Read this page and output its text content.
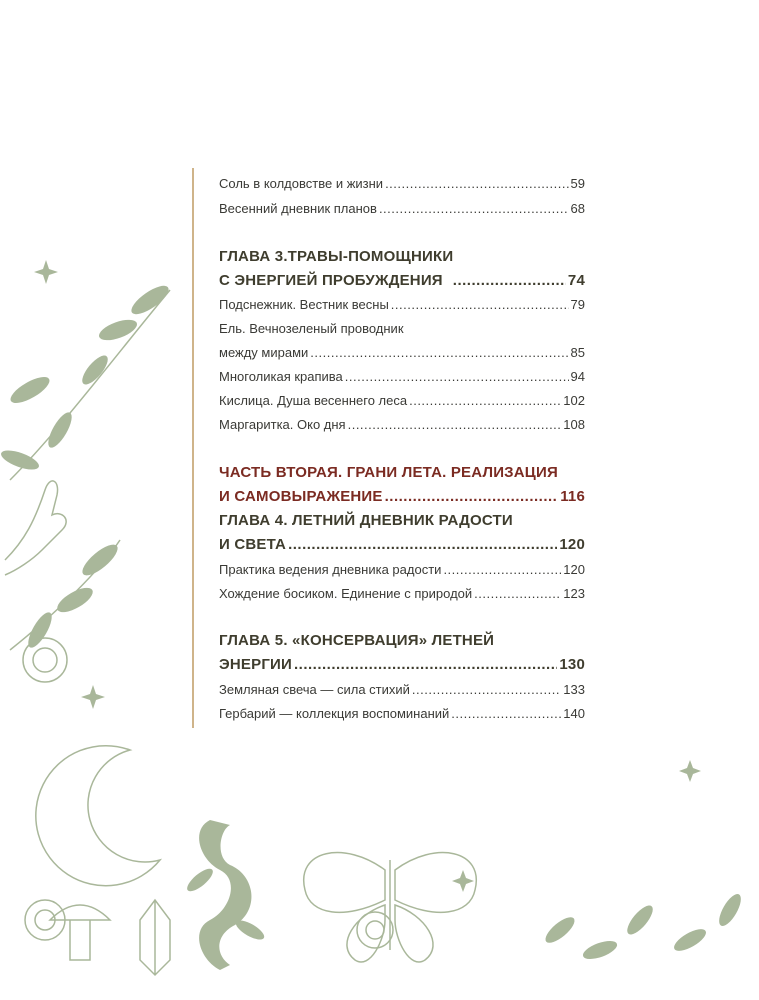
Соль в колдовстве и жизни .....	59
Весенний дневник планов .....	68
ГЛАВА 3.ТРАВЫ-ПОМОЩНИКИ
С ЭНЕРГИЕЙ ПРОБУЖДЕНИЯ .....	74
Подснежник. Вестник весны .....	79
Ель. Вечнозеленый проводник
между мирами .....	85
Многоликая крапива .....	94
Кислица. Душа весеннего леса .....	102
Маргаритка. Око дня .....	108
ЧАСТЬ ВТОРАЯ. ГРАНИ ЛЕТА. РЕАЛИЗАЦИЯ
И САМОВЫРАЖЕНИЕ .....	116
ГЛАВА 4. ЛЕТНИЙ ДНЕВНИК РАДОСТИ
И СВЕТА .....	120
Практика ведения дневника радости .....	120
Хождение босиком. Единение с природой .....	123
ГЛАВА 5. «КОНСЕРВАЦИЯ» ЛЕТНЕЙ
ЭНЕРГИИ .....	130
Земляная свеча — сила стихий .....	133
Гербарий — коллекция воспоминаний .....	140
